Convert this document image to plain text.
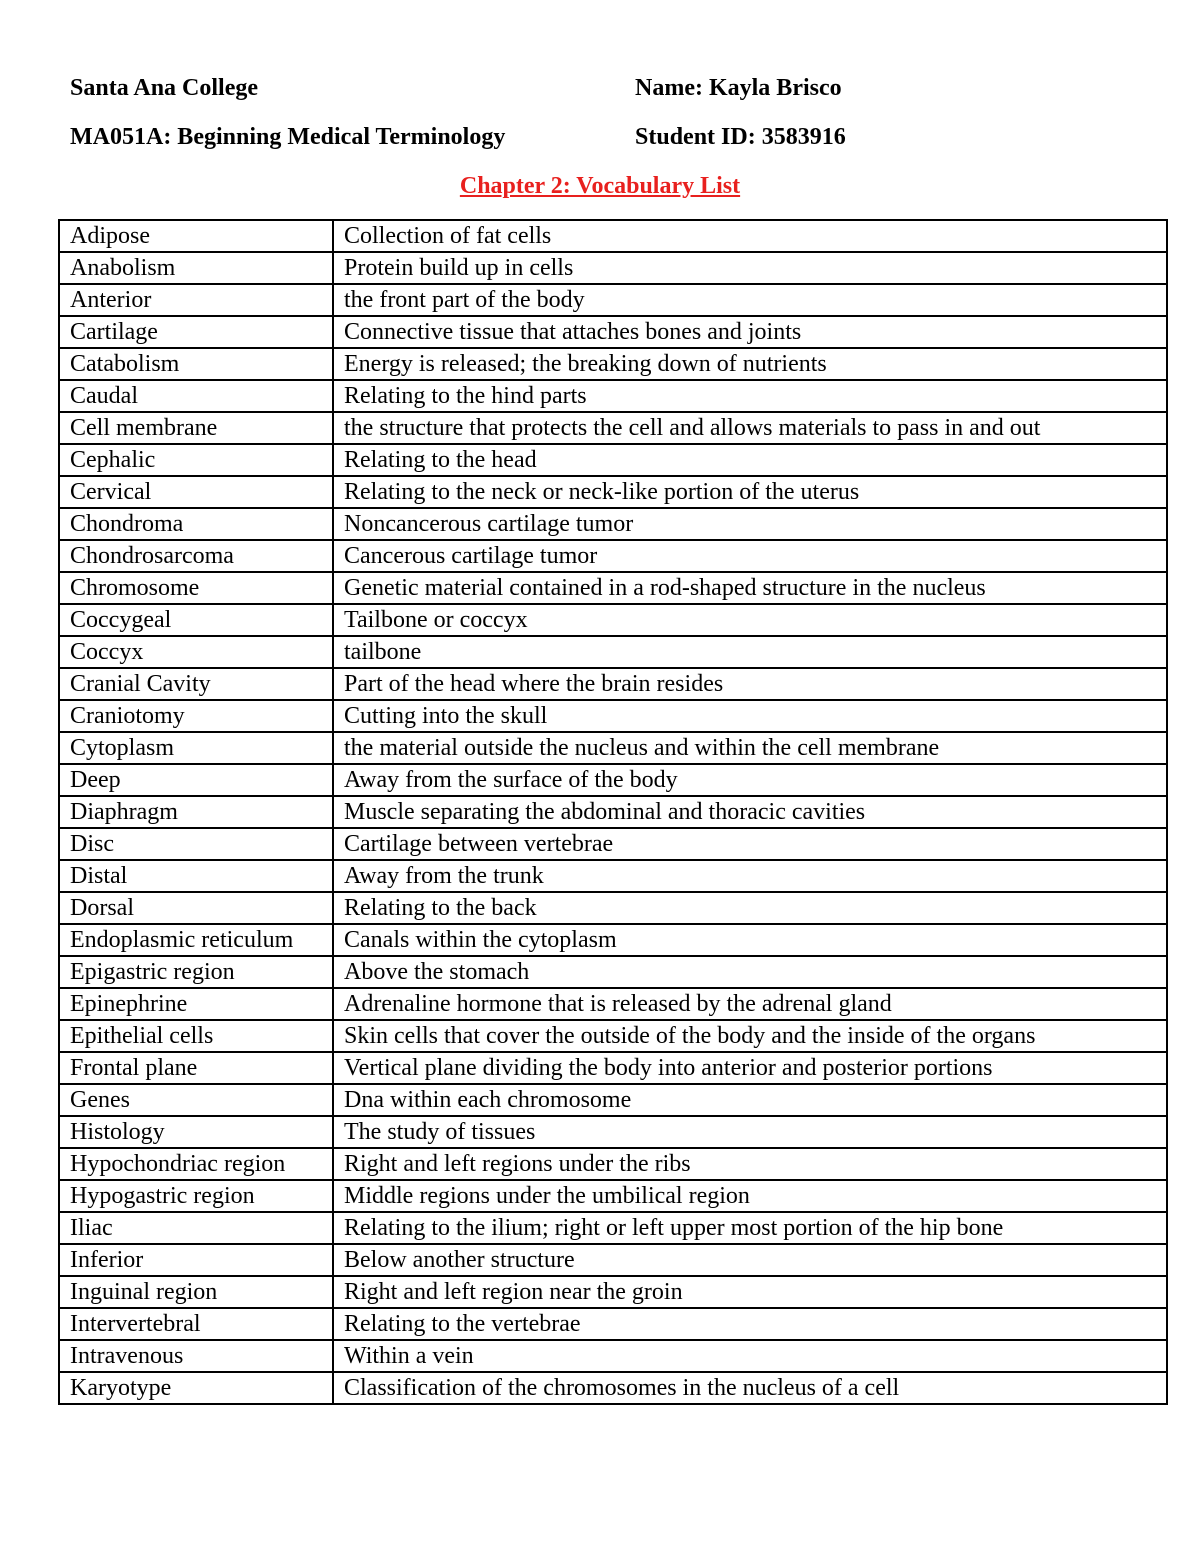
Santa Ana College	Name: Kayla Brisco
MA051A: Beginning Medical Terminology	Student ID: 3583916
Chapter 2: Vocabulary List
Adipose	Collection of fat cells
Anabolism	Protein build up in cells
Anterior	the front part of the body
Cartilage	Connective tissue that attaches bones and joints
Catabolism	Energy is released; the breaking down of nutrients
Caudal	Relating to the hind parts
Cell membrane	the structure that protects the cell and allows materials to pass in and out
Cephalic	Relating to the head
Cervical	Relating to the neck or neck-like portion of the uterus
Chondroma	Noncancerous cartilage tumor
Chondrosarcoma	Cancerous cartilage tumor
Chromosome	Genetic material contained in a rod-shaped structure in the nucleus
Coccygeal	Tailbone or coccyx
Coccyx	tailbone
Cranial Cavity	Part of the head where the brain resides
Craniotomy	Cutting into the skull
Cytoplasm	the material outside the nucleus and within the cell membrane
Deep	Away from the surface of the body
Diaphragm	Muscle separating the abdominal and thoracic cavities
Disc	Cartilage between vertebrae
Distal	Away from the trunk
Dorsal	Relating to the back
Endoplasmic reticulum	Canals within the cytoplasm
Epigastric region	Above the stomach
Epinephrine	Adrenaline hormone that is released by the adrenal gland
Epithelial cells	Skin cells that cover the outside of the body and the inside of the organs
Frontal plane	Vertical plane dividing the body into anterior and posterior portions
Genes	Dna within each chromosome
Histology	The study of tissues
Hypochondriac region	Right and left regions under the ribs
Hypogastric region	Middle regions under the umbilical region
Iliac	Relating to the ilium; right or left upper most portion of the hip bone
Inferior	Below another structure
Inguinal region	Right and left region near the groin
Intervertebral	Relating to the vertebrae
Intravenous	Within a vein
Karyotype	Classification of the chromosomes in the nucleus of a cell
